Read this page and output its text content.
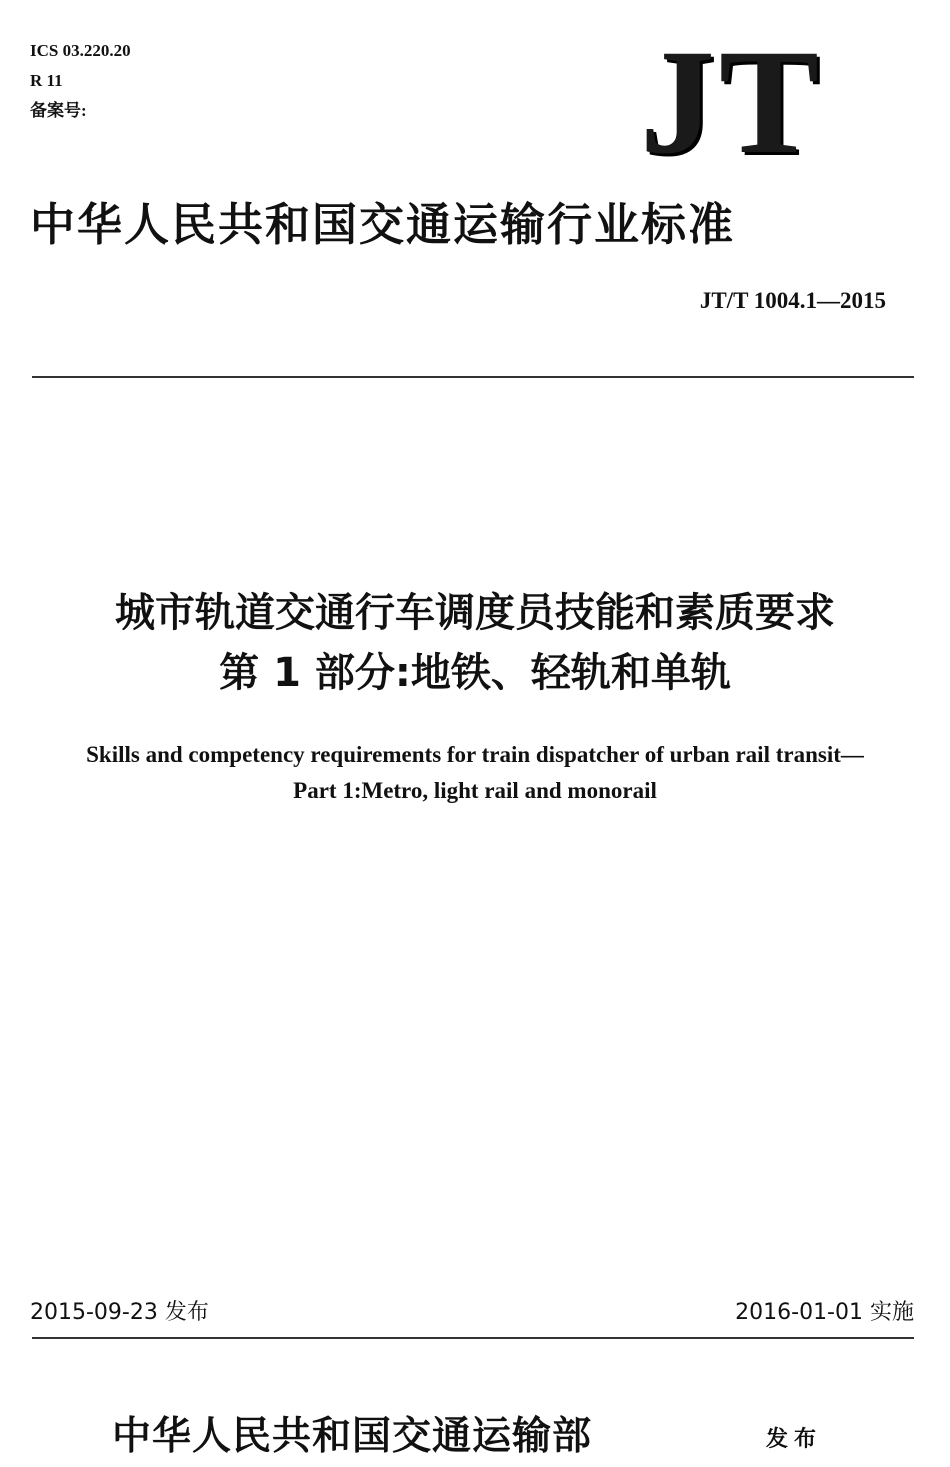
ICS 03.220.20
R 11
备案号:	JT
中华人民共和国交通运输行业标准
JT/T 1004.1—2015
城市轨道交通行车调度员技能和素质要求
第 1 部分:地铁、轻轨和单轨
Skills and competency requirements for train dispatcher of urban rail transit—
Part 1:Metro, light rail and monorail
2015-09-23 发布	2016-01-01 实施
中华人民共和国交通运输部	发布
